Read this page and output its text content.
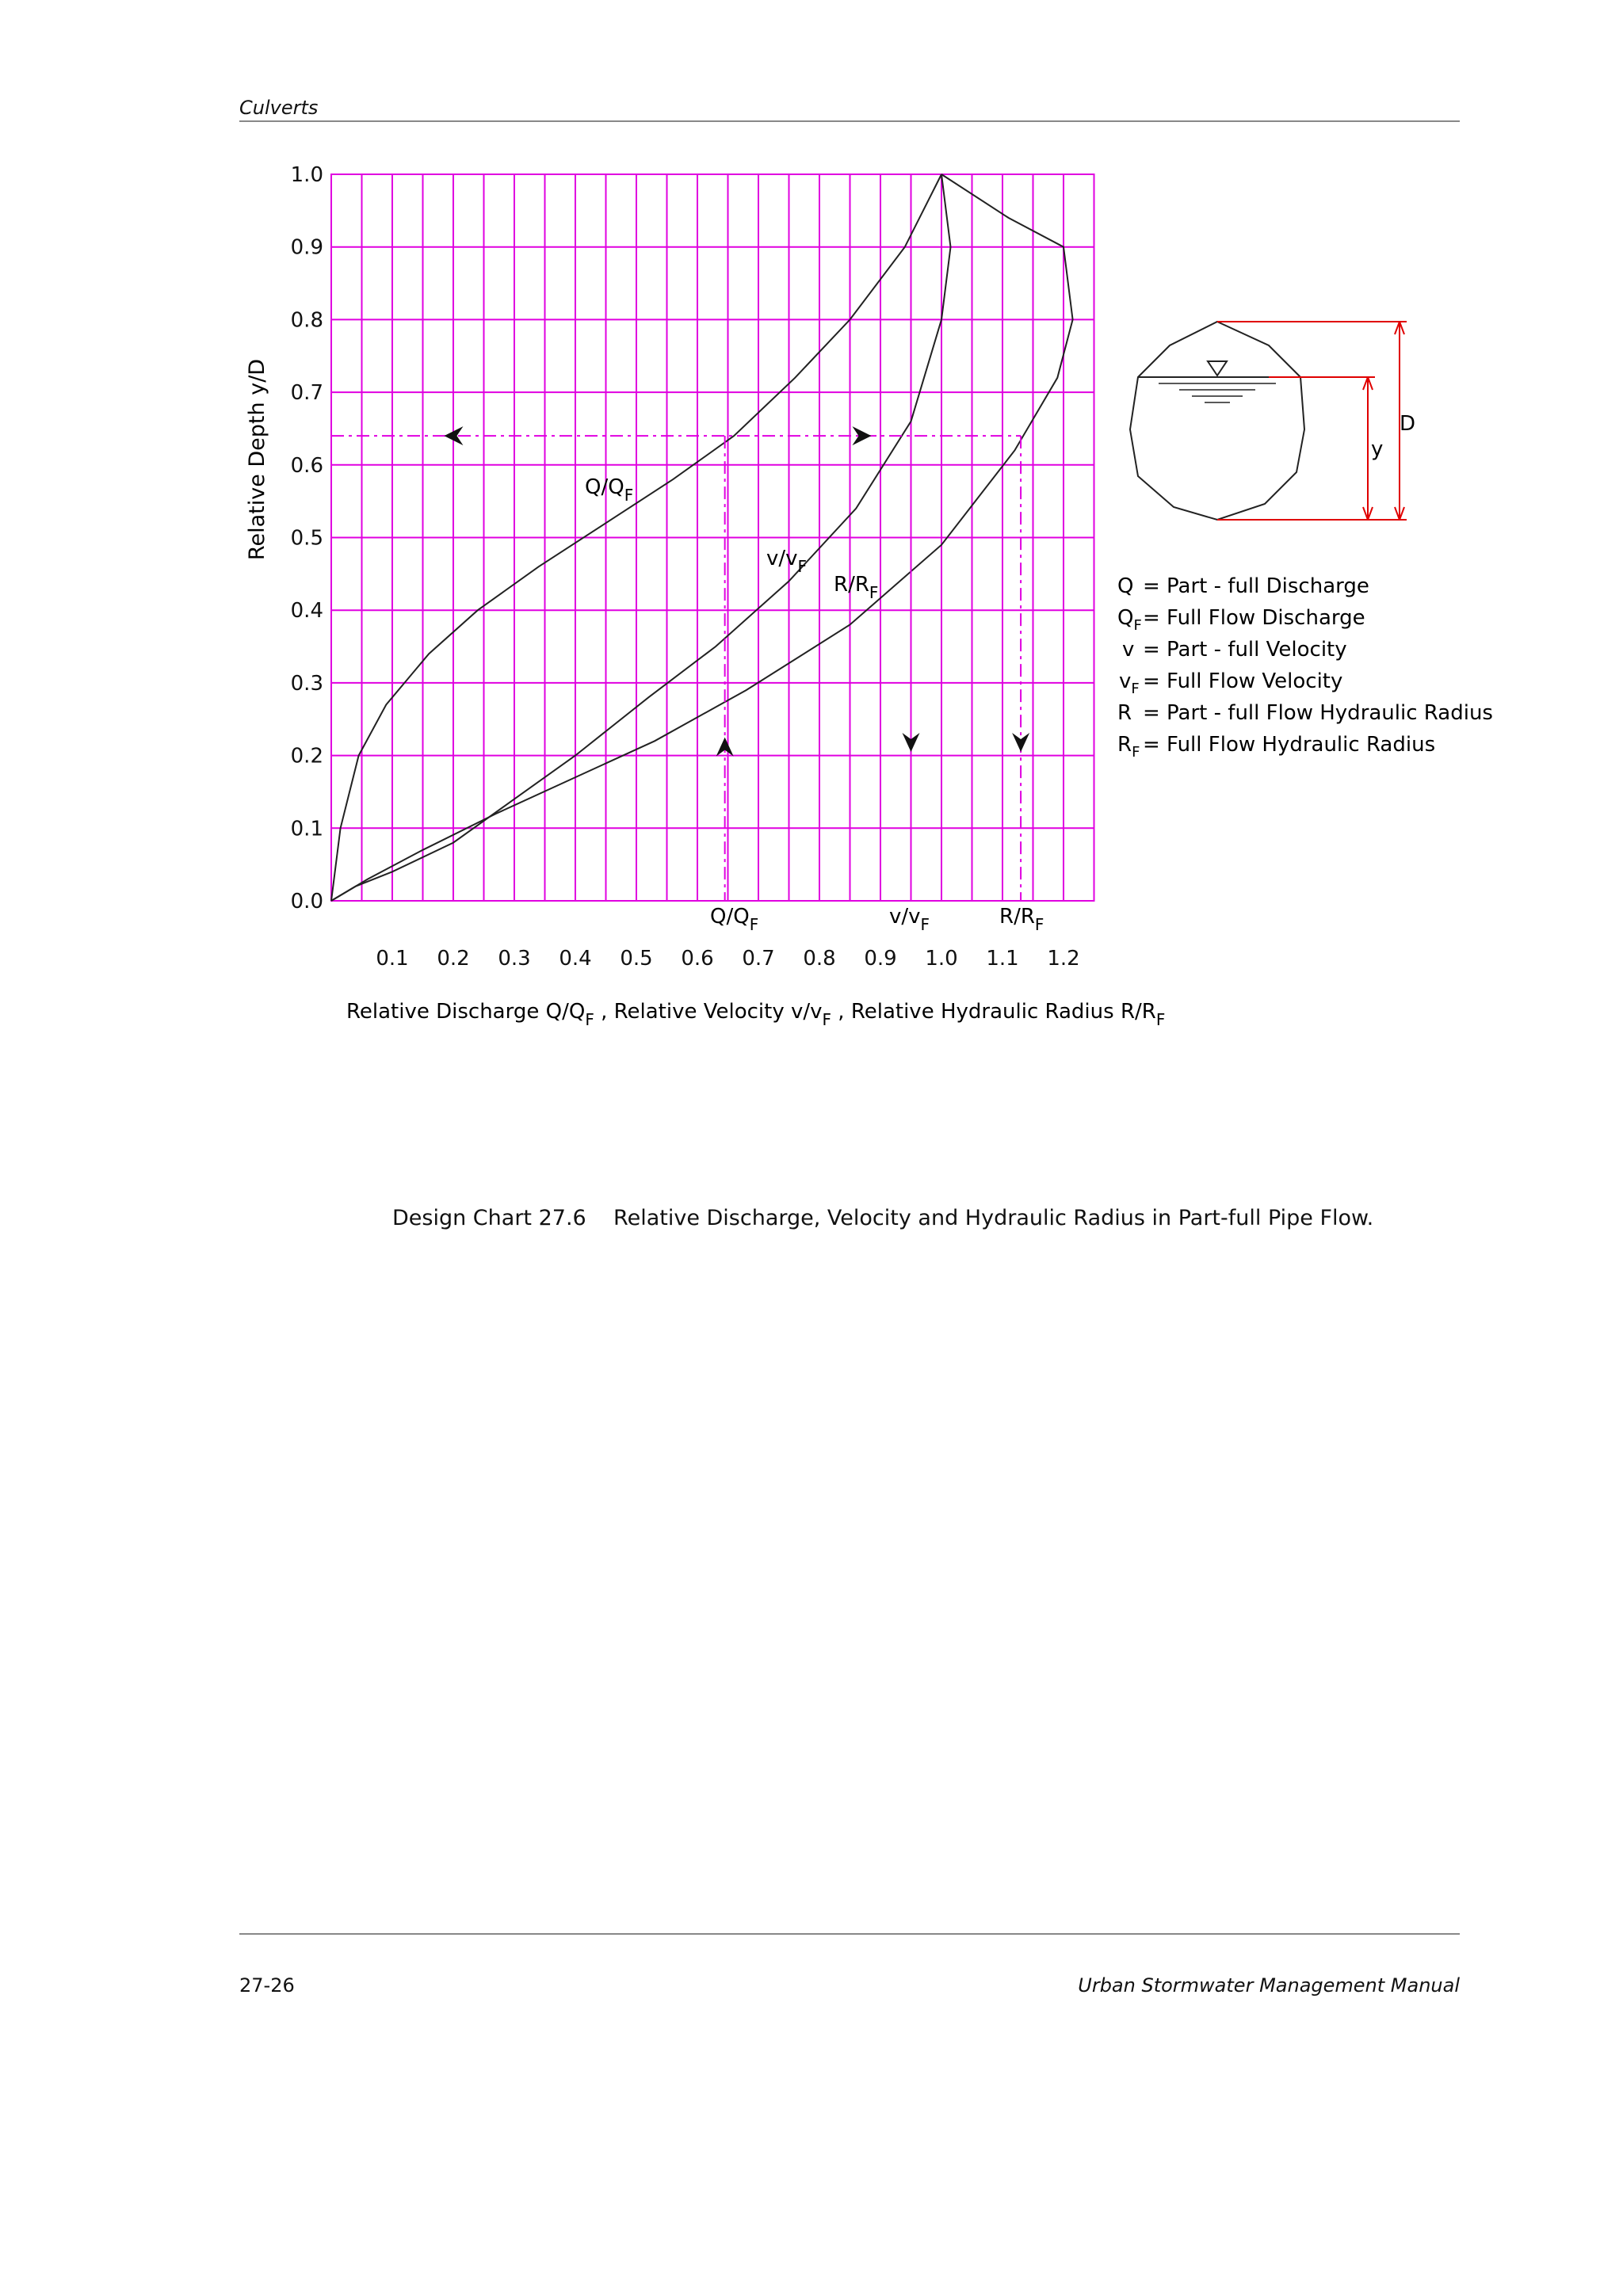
Culverts
0.0
0.1
0.2
0.3
0.4
0.5
0.6
0.7
0.8
0.9
1.0
0.1 0.2 0.3 0.4 0.5 0.6 0.7 0.8 0.9 1.0 1.1 1.2
$Q/Q_F$
$v/v_F$
$R/R_F$
$Q/Q_F$	$v/v_F$	$R/R_F$
Relative Depth y/D
Relative Discharge $Q/Q_F$ , Relative Velocity $v/v_F$ , Relative Hydraulic Radius $R/R_F$
D
y
Q = Part - full Discharge
$Q_F=$ Full Flow Discharge
v = Part - full Velocity
$v_F$ = Full Flow Velocity
R = Part - full Flow Hydraulic Radius
$R_F$ = Full Flow Hydraulic Radius
Design Chart 27.6 Relative Discharge, Velocity and Hydraulic Radius in Part-full Pipe Flow.
27-26	Urban Stormwater Management Manual
